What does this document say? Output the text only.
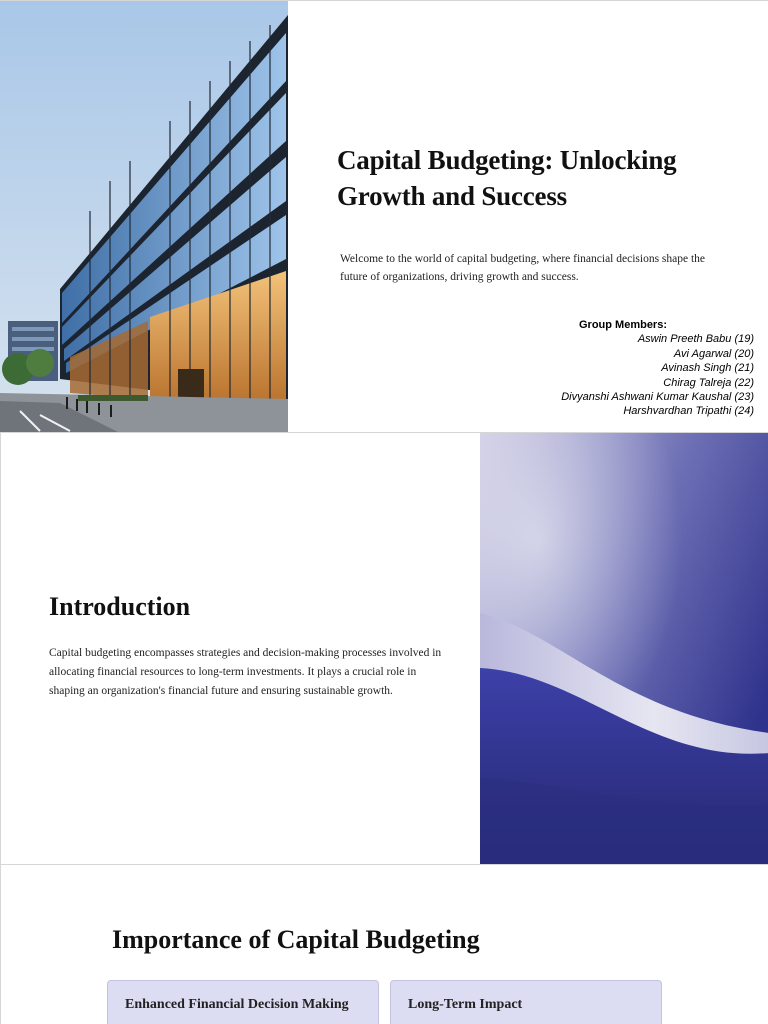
Capital Budgeting: Unlocking Growth and Success

Welcome to the world of capital budgeting, where financial decisions shape the future of organizations, driving growth and success.

Group Members:
Aswin Preeth Babu (19)
Avi Agarwal (20)
Avinash Singh (21)
Chirag Talreja (22)
Divyanshi Ashwani Kumar Kaushal (23)
Harshvardhan Tripathi (24)
Introduction

Capital budgeting encompasses strategies and decision-making processes involved in allocating financial resources to long-term investments. It plays a crucial role in shaping an organization's financial future and ensuring sustainable growth.

Importance of Capital Budgeting
Enhanced Financial Decision Making	Long-Term Impact
